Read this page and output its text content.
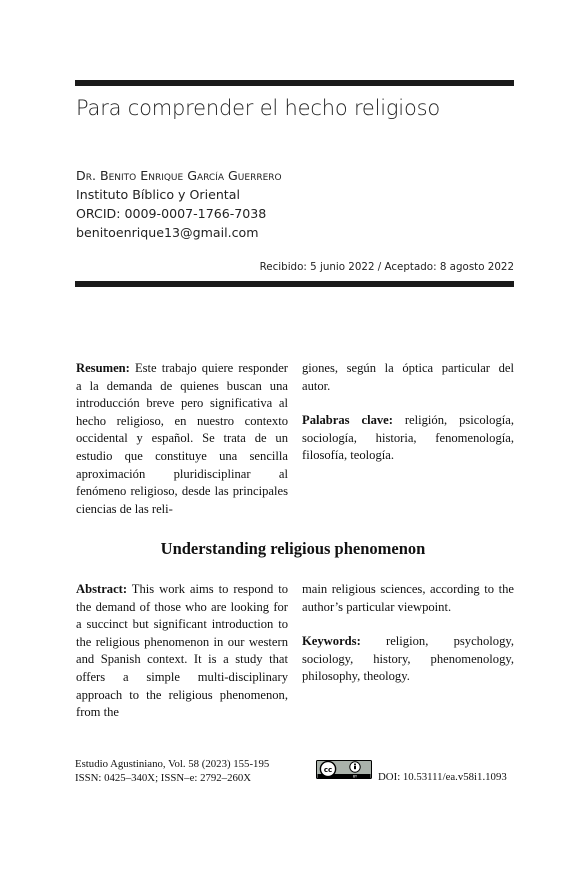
Para comprender el hecho religioso
Dr. Benito Enrique García Guerrero
Instituto Bíblico y Oriental
ORCID: 0009-0007-1766-7038
benitoenrique13@gmail.com
Recibido: 5 junio 2022 / Aceptado: 8 agosto 2022

Resumen: Este trabajo quiere responder a la demanda de quienes buscan una introducción breve pero significativa al hecho religioso, en nuestro contexto occidental y español. Se trata de un estudio que constituye una sencilla aproximación pluridisciplinar al fenómeno religioso, desde las principales ciencias de las reli-

giones, según la óptica particular del autor.

Palabras clave: religión, psicología, sociología, historia, fenomenología, filosofía, teología.

Understanding religious phenomenon

Abstract: This work aims to respond to the demand of those who are looking for a succinct but significant introduction to the religious phenomenon in our western and Spanish context. It is a study that offers a simple multi-disciplinary approach to the religious phenomenon, from the

main religious sciences, according to the author’s particular viewpoint.

Keywords: religion, psychology, sociology, history, phenomenology, philosophy, theology.

Estudio Agustiniano, Vol. 58 (2023) 155-195
ISSN: 0425–340X; ISSN–e: 2792–260X
cc
BY DOI: 10.53111/ea.v58i1.1093
